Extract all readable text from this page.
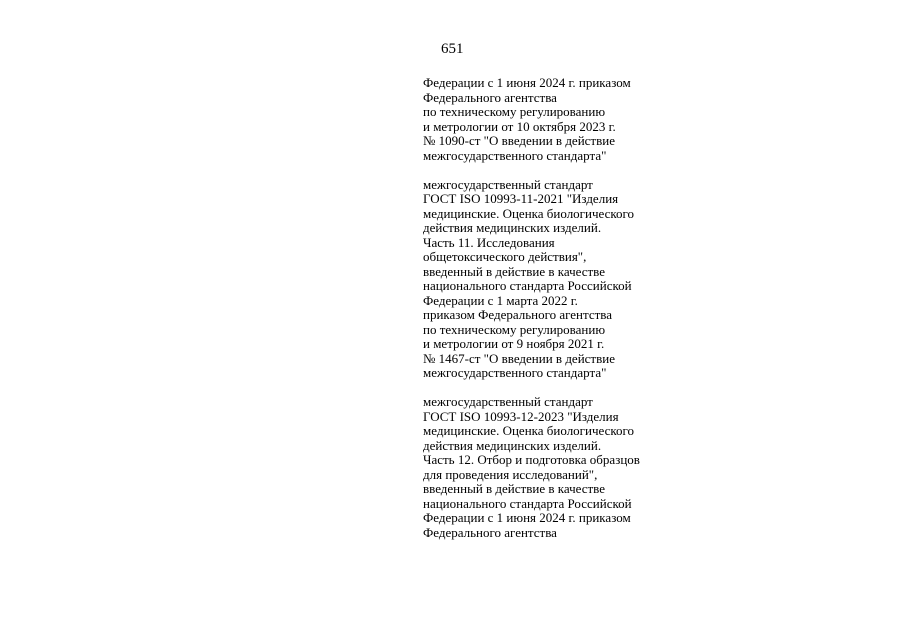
651
Федерации с 1 июня 2024 г. приказом
Федерального агентства
по техническому регулированию
и метрологии от 10 октября 2023 г.
№ 1090-ст "О введении в действие
межгосударственного стандарта"
межгосударственный стандарт
ГОСТ ISO 10993-11-2021 "Изделия
медицинские. Оценка биологического
действия медицинских изделий.
Часть 11. Исследования
общетоксического действия",
введенный в действие в качестве
национального стандарта Российской
Федерации с 1 марта 2022 г.
приказом Федерального агентства
по техническому регулированию
и метрологии от 9 ноября 2021 г.
№ 1467-ст "О введении в действие
межгосударственного стандарта"
межгосударственный стандарт
ГОСТ ISO 10993-12-2023 "Изделия
медицинские. Оценка биологического
действия медицинских изделий.
Часть 12. Отбор и подготовка образцов
для проведения исследований",
введенный в действие в качестве
национального стандарта Российской
Федерации с 1 июня 2024 г. приказом
Федерального агентства
